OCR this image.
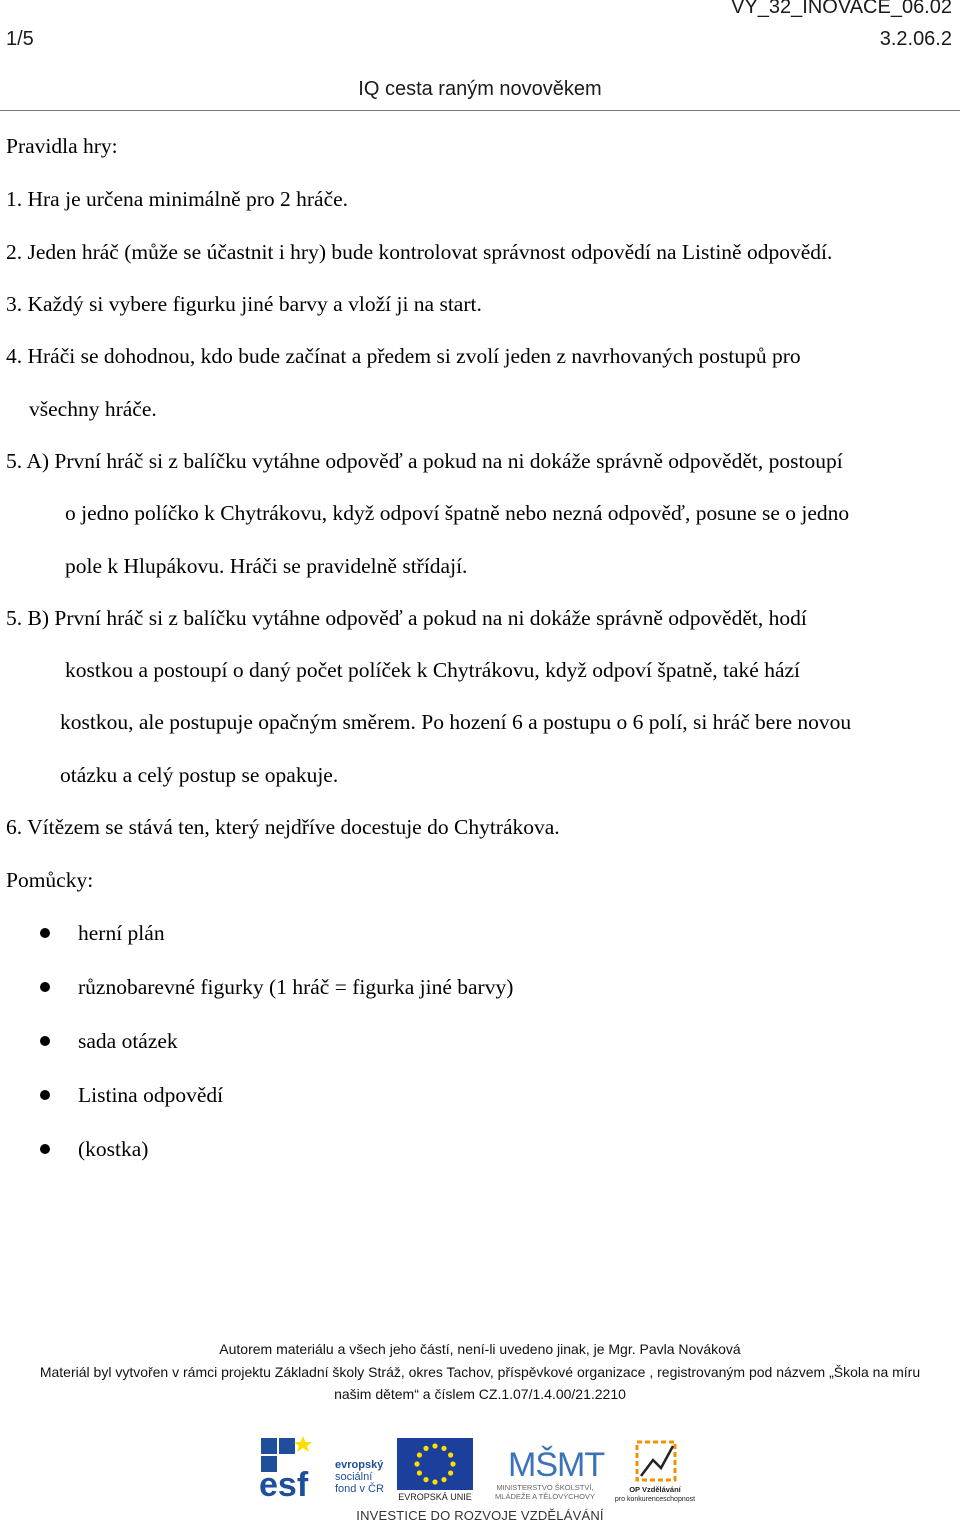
VY_32_INOVACE_06.02
1/5	3.2.06.2
IQ cesta raným novověkem
Pravidla hry:
1. Hra je určena minimálně pro 2 hráče.
2. Jeden hráč (může se účastnit i hry) bude kontrolovat správnost odpovědí na Listině odpovědí.
3. Každý si vybere figurku jiné barvy a vloží ji na start.
4. Hráči se dohodnou, kdo bude začínat a předem si zvolí jeden z navrhovaných postupů pro
všechny hráče.
5. A) První hráč si z balíčku vytáhne odpověď a pokud na ni dokáže správně odpovědět, postoupí
o jedno políčko k Chytrákovu, když odpoví špatně nebo nezná odpověď, posune se o jedno
pole k Hlupákovu. Hráči se pravidelně střídají.
5. B) První hráč si z balíčku vytáhne odpověď a pokud na ni dokáže správně odpovědět, hodí
kostkou a postoupí o daný počet políček k Chytrákovu, když odpoví špatně, také hází
kostkou, ale postupuje opačným směrem. Po hození 6 a postupu o 6 polí, si hráč bere novou
otázku a celý postup se opakuje.
6. Vítězem se stává ten, který nejdříve docestuje do Chytrákova.
Pomůcky:
herní plán
různobarevné figurky (1 hráč = figurka jiné barvy)
sada otázek
Listina odpovědí
(kostka)
Autorem materiálu a všech jeho částí, není-li uvedeno jinak, je Mgr. Pavla Nováková
Materiál byl vytvořen v rámci projektu Základní školy Stráž, okres Tachov, příspěvkové organizace , registrovaným pod názvem „Škola na míru
našim dětem“ a číslem CZ.1.07/1.4.00/21.2210
esf
evropský
sociální
fond v ČR
EVROPSKÁ UNIE
MŠMT
MINISTERSTVO ŠKOLSTVÍ,
MLÁDEŽE A TĚLOVÝCHOVY
OP Vzdělávání
pro konkurenceschopnost
INVESTICE DO ROZVOJE VZDĚLÁVÁNÍ
